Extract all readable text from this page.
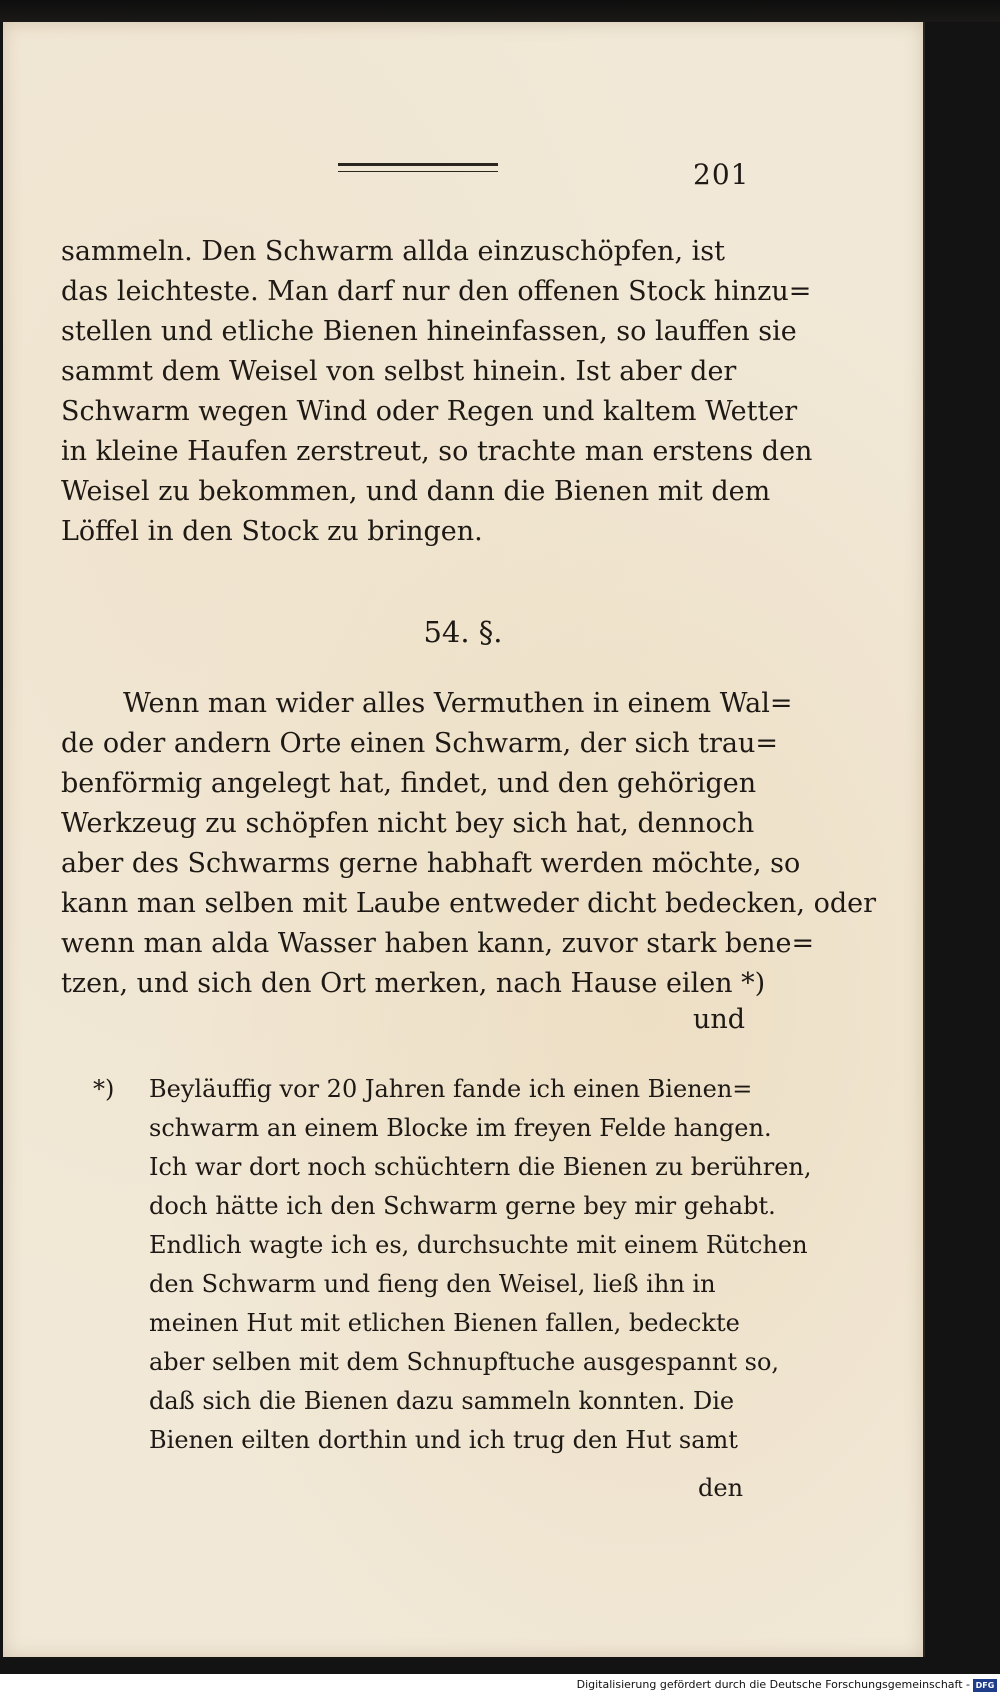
201

sammeln. Den Schwarm allda einzuschöpfen, ist
das leichteste. Man darf nur den offenen Stock hinzu=
stellen und etliche Bienen hineinfassen, so lauffen sie
sammt dem Weisel von selbst hinein. Ist aber der
Schwarm wegen Wind oder Regen und kaltem Wetter
in kleine Haufen zerstreut, so trachte man erstens den
Weisel zu bekommen, und dann die Bienen mit dem
Löffel in den Stock zu bringen.

54. §.

Wenn man wider alles Vermuthen in einem Wal=
de oder andern Orte einen Schwarm, der sich trau=
benförmig angelegt hat, findet, und den gehörigen
Werkzeug zu schöpfen nicht bey sich hat, dennoch
aber des Schwarms gerne habhaft werden möchte, so
kann man selben mit Laube entweder dicht bedecken, oder
wenn man alda Wasser haben kann, zuvor stark bene=
tzen, und sich den Ort merken, nach Hause eilen *)

und

*) Beyläuffig vor 20 Jahren fande ich einen Bienen=
schwarm an einem Blocke im freyen Felde hangen.
Ich war dort noch schüchtern die Bienen zu berühren,
doch hätte ich den Schwarm gerne bey mir gehabt.
Endlich wagte ich es, durchsuchte mit einem Rütchen
den Schwarm und fieng den Weisel, ließ ihn in
meinen Hut mit etlichen Bienen fallen, bedeckte
aber selben mit dem Schnupftuche ausgespannt so,
daß sich die Bienen dazu sammeln konnten. Die
Bienen eilten dorthin und ich trug den Hut samt

den
Digitalisierung gefördert durch die Deutsche Forschungsgemeinschaft - DFG
